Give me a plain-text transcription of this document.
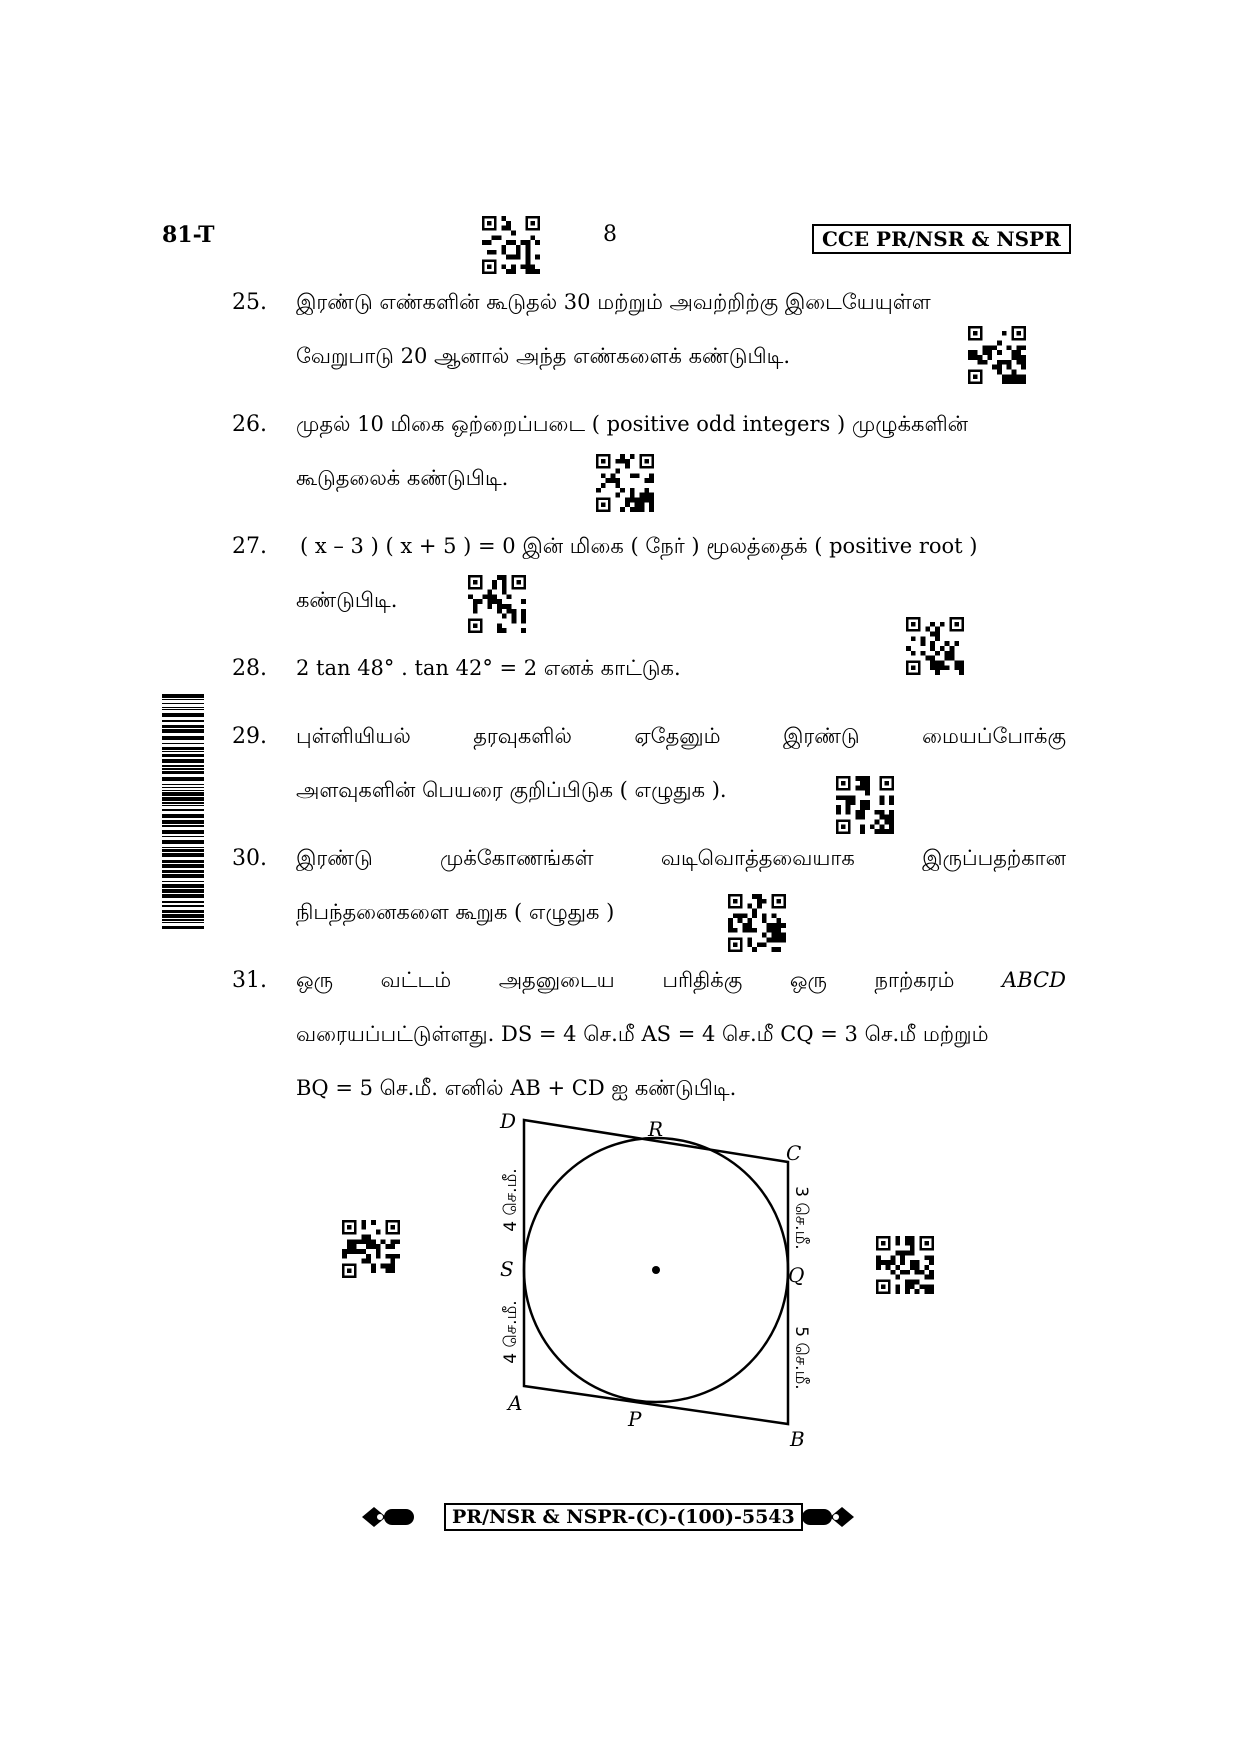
81-T	8	CCE PR/NSR & NSPR
25. இரண்டு எண்களின் கூடுதல் 30 மற்றும் அவற்றிற்கு இடையேயுள்ள
வேறுபாடு 20 ஆனால் அந்த எண்களைக் கண்டுபிடி.
26. முதல் 10 மிகை ஒற்றைப்படை ( positive odd integers ) முழுக்களின்
கூடுதலைக் கண்டுபிடி.
27. ( x – 3 ) ( x + 5 ) = 0 இன் மிகை ( நேர் ) மூலத்தைக் ( positive root )
கண்டுபிடி.
28. 2 tan 48° . tan 42° = 2 எனக் காட்டுக.
29. புள்ளியியல்	தரவுகளில்	ஏதேனும்	இரண்டு	மையப்போக்கு
அளவுகளின் பெயரை குறிப்பிடுக ( எழுதுக ).
30. இரண்டு	முக்கோணங்கள்	வடிவொத்தவையாக	இருப்பதற்கான
நிபந்தனைகளை கூறுக ( எழுதுக )
31. ஒரு வட்டம் அதனுடைய பரிதிக்கு ஒரு நாற்கரம் ABCD
வரையப்பட்டுள்ளது. DS = 4 செ.மீ AS = 4 செ.மீ CQ = 3 செ.மீ மற்றும்
BQ = 5 செ.மீ. எனில் AB + CD ஐ கண்டுபிடி.
D	R
C
S	Q
A
P
B
4 செ.மீ.
4 செ.மீ.
3 செ.மீ.
5 செ.மீ.
PR/NSR & NSPR-(C)-(100)-5543
